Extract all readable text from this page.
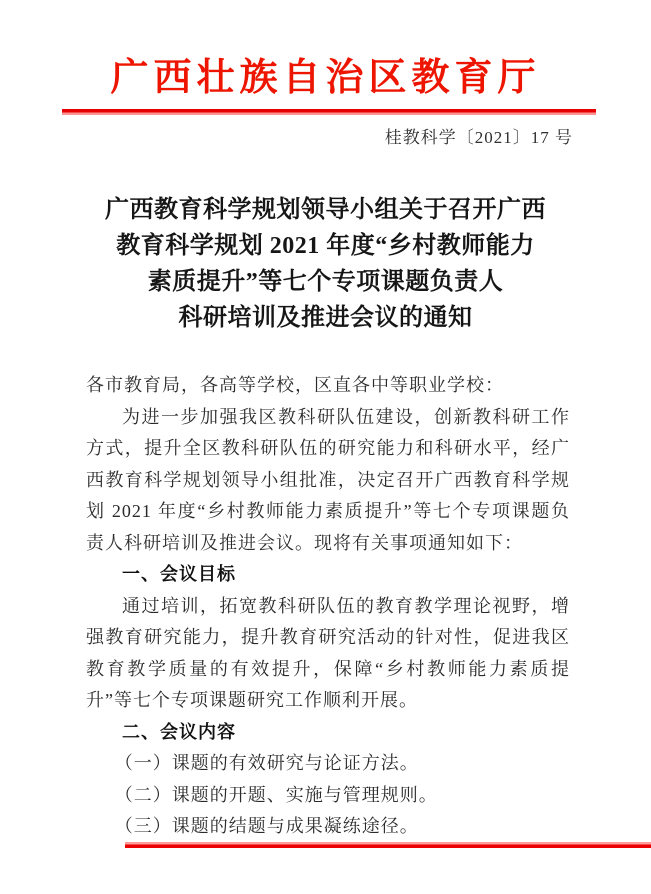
广西壮族自治区教育厅
桂教科学〔2021〕17 号
广西教育科学规划领导小组关于召开广西
教育科学规划 2021 年度“乡村教师能力
素质提升”等七个专项课题负责人
科研培训及推进会议的通知

各市教育局，各高等学校，区直各中等职业学校：

为进一步加强我区教科研队伍建设，创新教科研工作方式，提升全区教科研队伍的研究能力和科研水平，经广西教育科学规划领导小组批准，决定召开广西教育科学规划 2021 年度“乡村教师能力素质提升”等七个专项课题负责人科研培训及推进会议。现将有关事项通知如下：

一、会议目标

通过培训，拓宽教科研队伍的教育教学理论视野，增强教育研究能力，提升教育研究活动的针对性，促进我区教育教学质量的有效提升，保障“乡村教师能力素质提升”等七个专项课题研究工作顺利开展。

二、会议内容

（一）课题的有效研究与论证方法。

（二）课题的开题、实施与管理规则。

（三）课题的结题与成果凝练途径。
